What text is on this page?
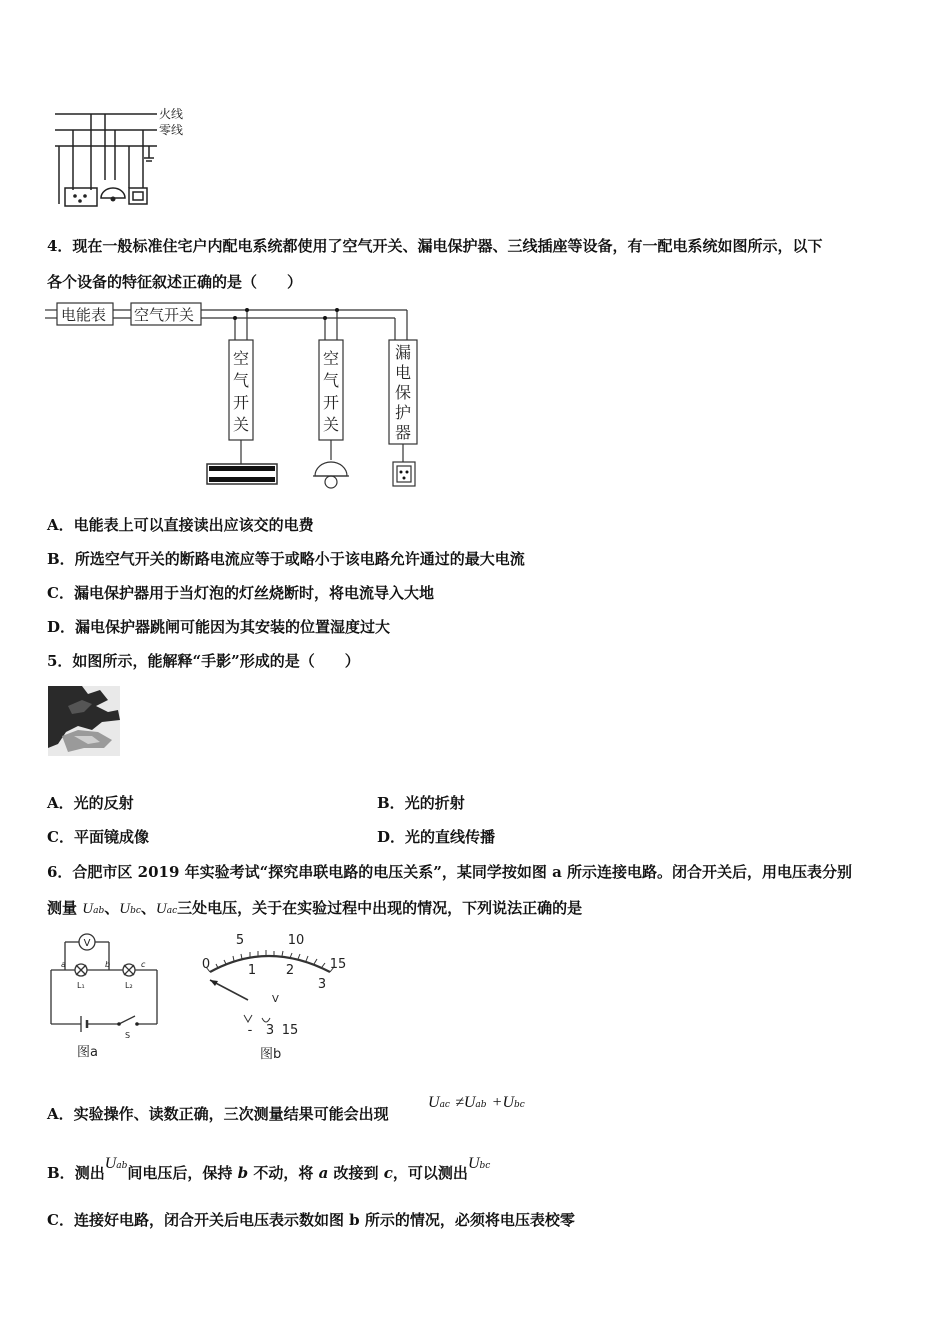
火线
零线
4．现在一般标准住宅户内配电系统都使用了空气开关、漏电保护器、三线插座等设备，有一配电系统如图所示，以下
各个设备的特征叙述正确的是（　　）
电能表 空气开关
空
气
开
关
空
气
开
关
漏
电
保
护
器
A．电能表上可以直接读出应该交的电费
B．所选空气开关的断路电流应等于或略小于该电路允许通过的最大电流
C．漏电保护器用于当灯泡的灯丝烧断时，将电流导入大地
D．漏电保护器跳闸可能因为其安装的位置湿度过大
5．如图所示，能解释“手影”形成的是（　　）
A．光的反射	B．光的折射
C．平面镜成像	D．光的直线传播
6．合肥市区 2019 年实验考试“探究串联电路的电压关系”，某同学按如图 a 所示连接电路。闭合开关后，用电压表分别
测量 Uab、Ubc、Uac三处电压，关于在实验过程中出现的情况，下列说法正确的是
V
a	b	c
L₁	L₂
S
图a
0
5	10
15
1 2
3
- 3 15
V
图b
A．实验操作、读数正确，三次测量结果可能会出现
Uac ≠Uab +Ubc
B．测出Uab间电压后，保持 b 不动，将 a 改接到 c，可以测出Ubc
C．连接好电路，闭合开关后电压表示数如图 b 所示的情况，必须将电压表校零
